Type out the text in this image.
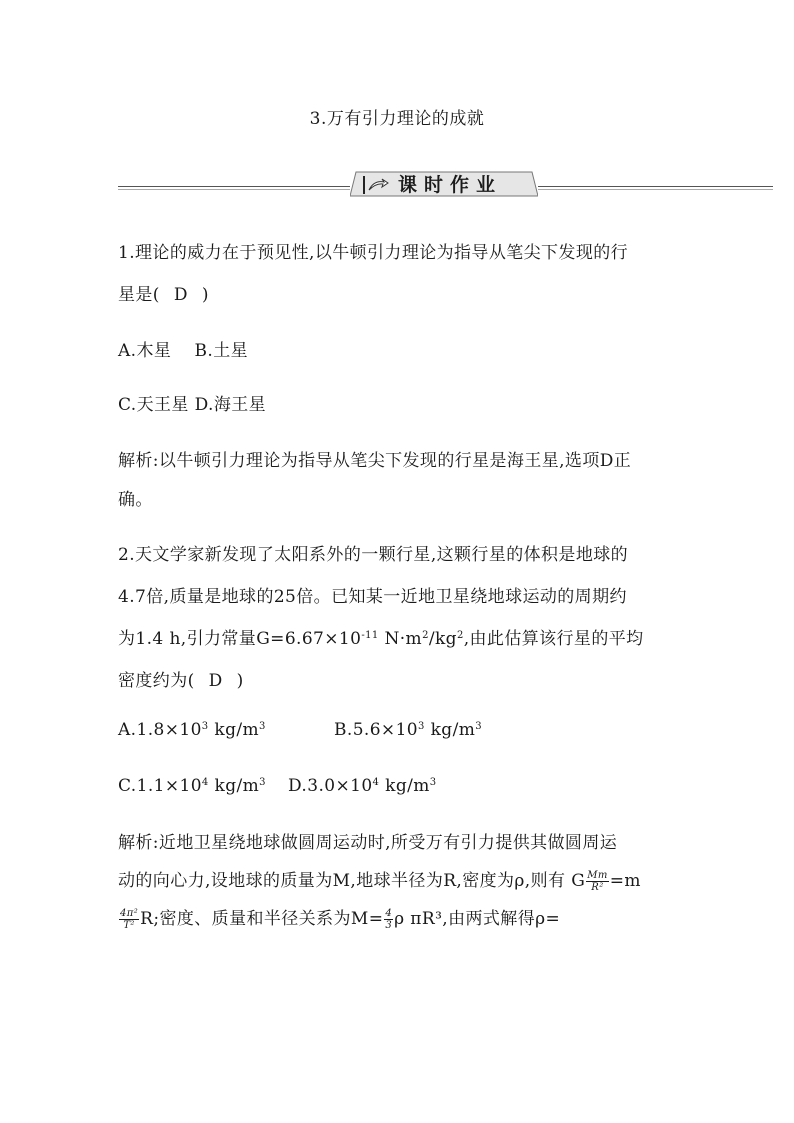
3.万有引力理论的成就
课时作业
1.理论的威力在于预见性,以牛顿引力理论为指导从笔尖下发现的行
星是( D )
A.木星    B.土星
C.天王星 D.海王星
解析:以牛顿引力理论为指导从笔尖下发现的行星是海王星,选项D正
确。
2.天文学家新发现了太阳系外的一颗行星,这颗行星的体积是地球的
4.7倍,质量是地球的25倍。已知某一近地卫星绕地球运动的周期约
为1.4 h,引力常量$G=6.67\times 10^{-11}$ $N\cdot m^2/kg^2$,由此估算该行星的平均
密度约为( D )
$A.1.8\times 10^3$ $kg/m^3$	$B.5.6\times 10^3$ $kg/m^3$
$C.1.1\times 10^4$ $kg/m^3$ $D.3.0\times 10^4$ $kg/m^3$
解析:近地卫星绕地球做圆周运动时,所受万有引力提供其做圆周运
动的向心力,设地球的质量为M,地球半径为R,密度为ρ,则有 G $\frac{Mm}{\text{R²}} =m$
$\frac{\text{4π²}}{\text{T²}} R$;密度、质量和半径关系为$M= \frac{4}{3}$ ρ πR³,由两式解得ρ=
